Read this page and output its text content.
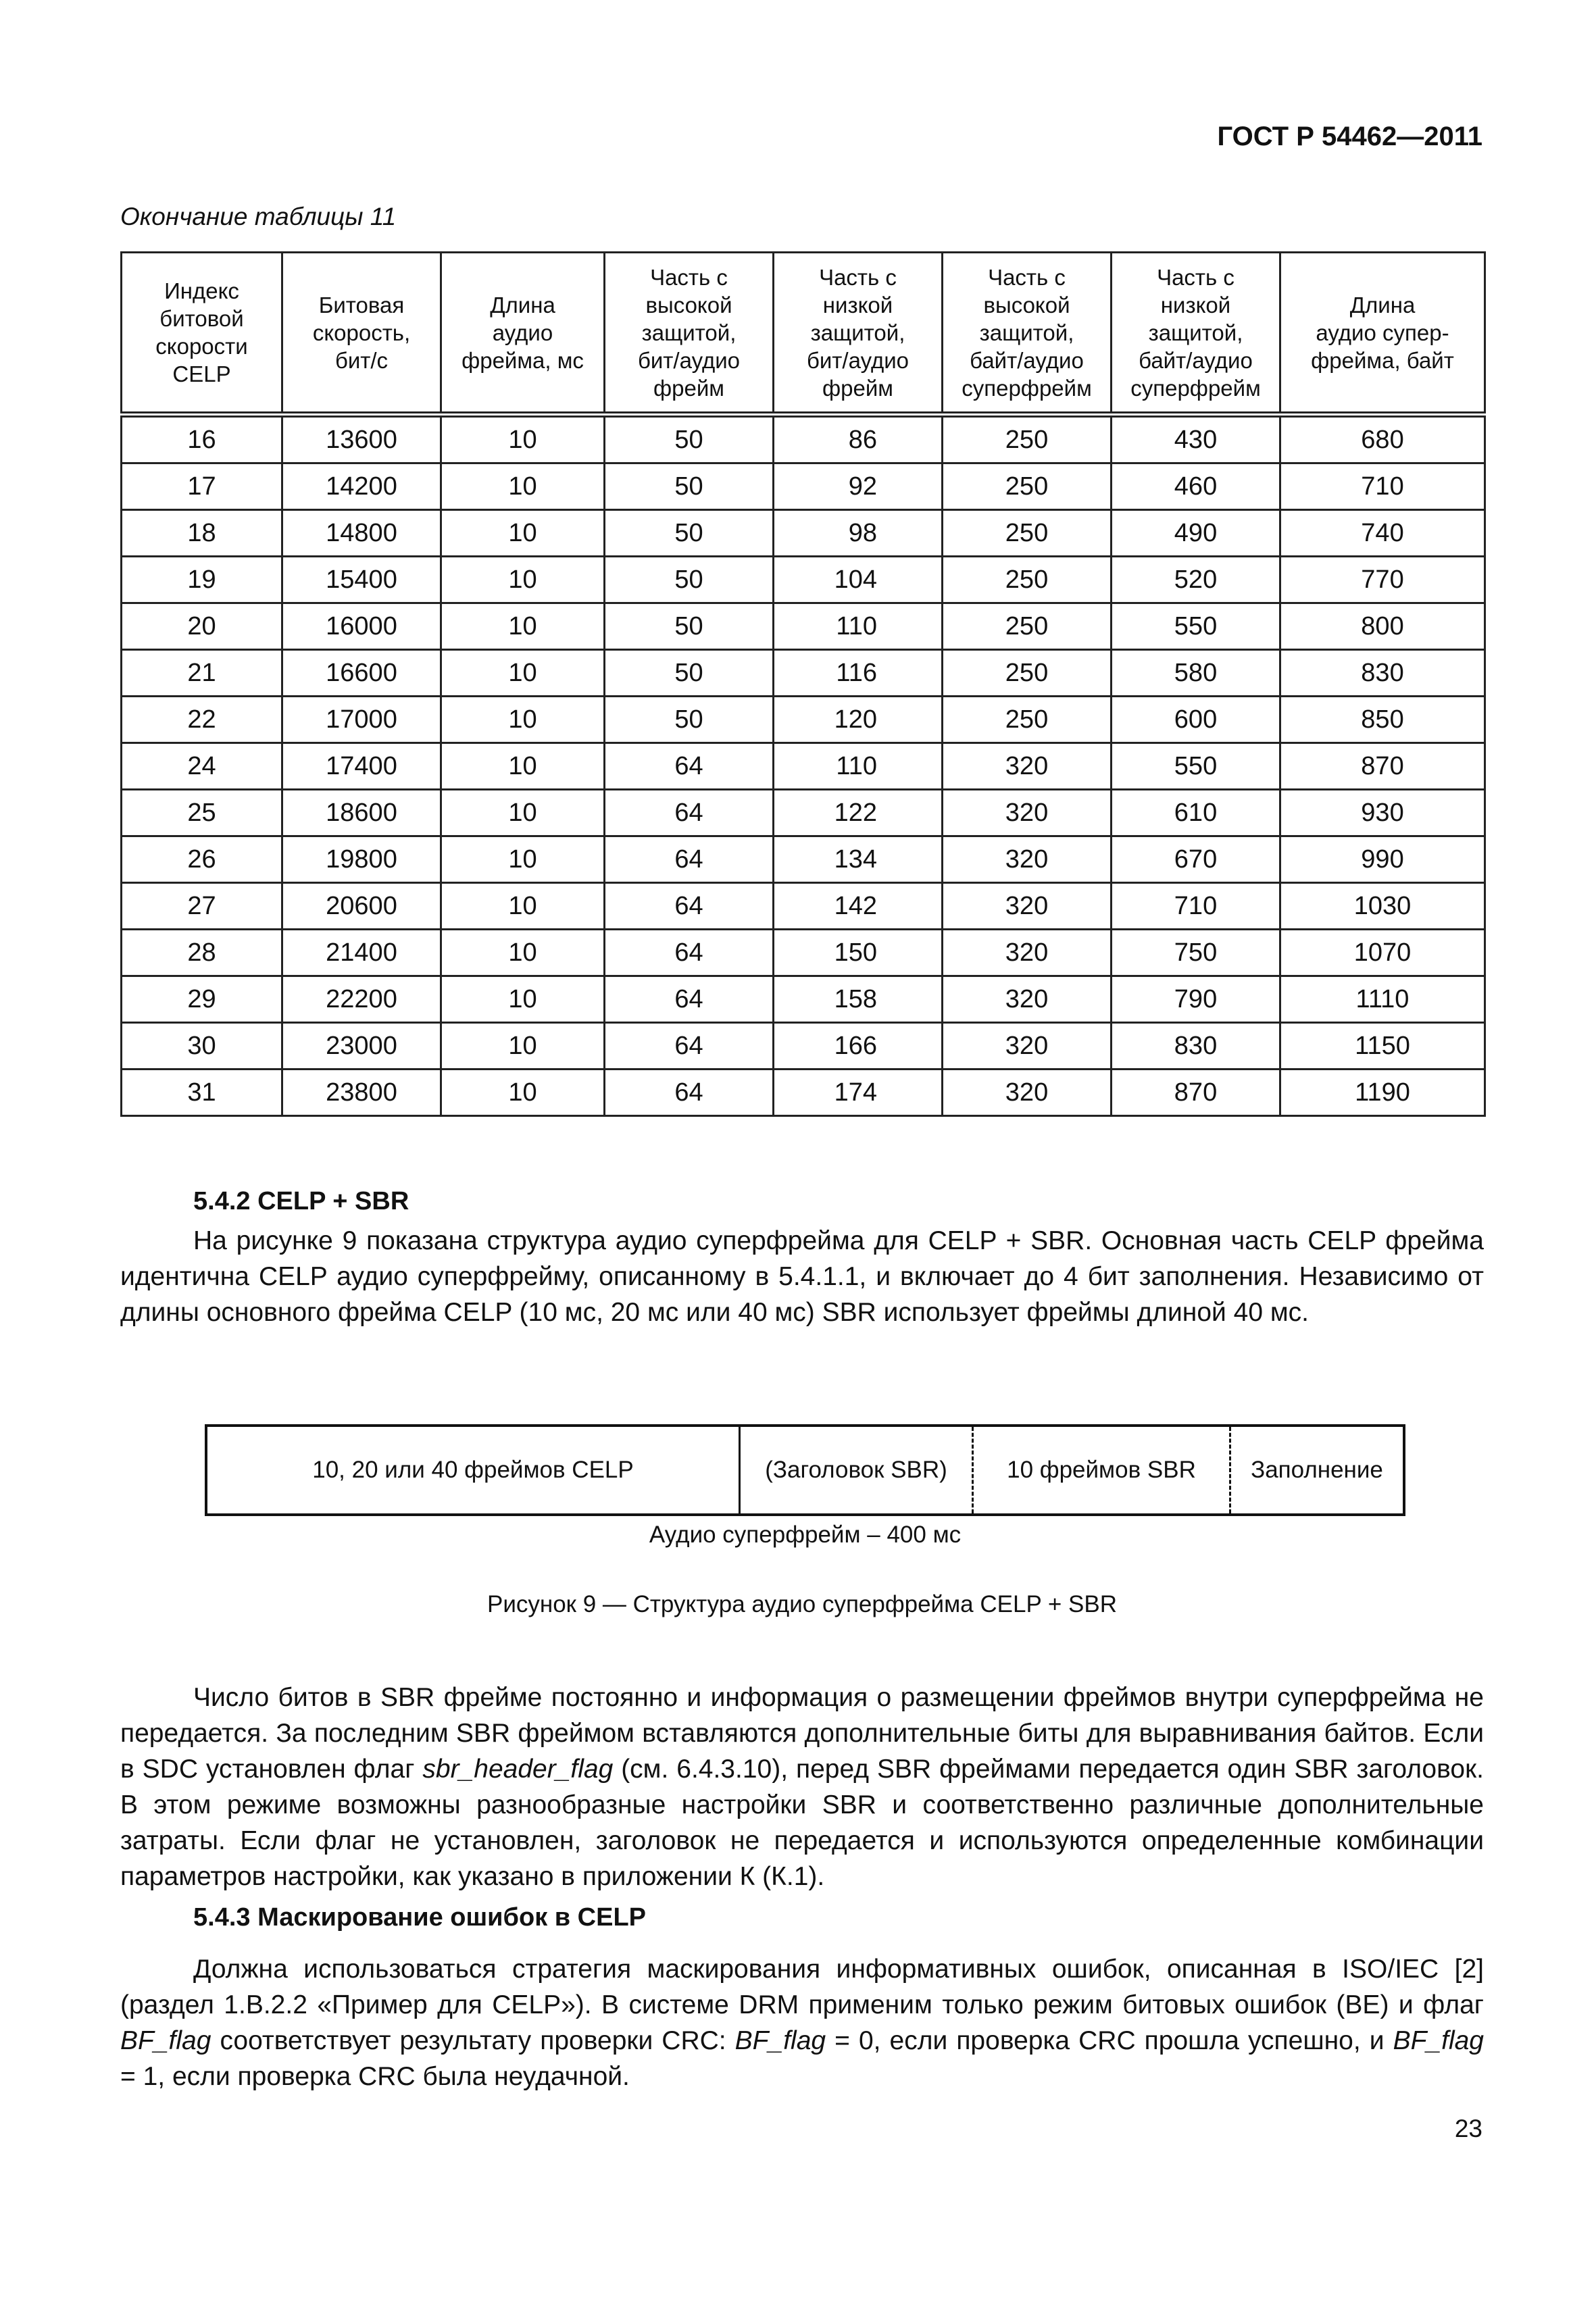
ГОСТ Р 54462—2011
Окончание таблицы 11
Индекс
битовой
скорости
CELP	Битовая
скорость,
бит/с	Длина
аудио
фрейма, мс	Часть с
высокой
защитой,
бит/аудио
фрейм	Часть с
низкой
защитой,
бит/аудио
фрейм	Часть с
высокой
защитой,
байт/аудио
суперфрейм	Часть с
низкой
защитой,
байт/аудио
суперфрейм	Длина
аудио супер-
фрейма, байт
16	13600	10	50	86	250	430	680
17	14200	10	50	92	250	460	710
18	14800	10	50	98	250	490	740
19	15400	10	50	104	250	520	770
20	16000	10	50	110	250	550	800
21	16600	10	50	116	250	580	830
22	17000	10	50	120	250	600	850
24	17400	10	64	110	320	550	870
25	18600	10	64	122	320	610	930
26	19800	10	64	134	320	670	990
27	20600	10	64	142	320	710	1030
28	21400	10	64	150	320	750	1070
29	22200	10	64	158	320	790	1110
30	23000	10	64	166	320	830	1150
31	23800	10	64	174	320	870	1190
5.4.2 CELP + SBR

На рисунке 9 показана структура аудио суперфрейма для CELP + SBR. Основная часть CELP фрейма идентична CELP аудио суперфрейму, описанному в 5.4.1.1, и включает до 4 бит заполнения. Независимо от длины основного фрейма CELP (10 мс, 20 мс или 40 мс) SBR использует фреймы длиной 40 мс.

10, 20 или 40 фреймов CELP	(Заголовок SBR)	10 фреймов SBR	Заполнение
Аудио суперфрейм – 400 мс
Рисунок 9 — Структура аудио суперфрейма CELP + SBR

Число битов в SBR фрейме постоянно и информация о размещении фреймов внутри суперфрейма не передается. За последним SBR фреймом вставляются дополнительные биты для выравнивания байтов. Если в SDC установлен флаг sbr_header_flag (см. 6.4.3.10), перед SBR фреймами передается один SBR заголовок. В этом режиме возможны разнообразные настройки SBR и соответственно различные дополнительные затраты. Если флаг не установлен, заголовок не передается и используются определенные комбинации параметров настройки, как указано в приложении К (К.1).

5.4.3 Маскирование ошибок в CELP

Должна использоваться стратегия маскирования информативных ошибок, описанная в ISO/IEC [2] (раздел 1.В.2.2 «Пример для CELP»). В системе DRM применим только режим битовых ошибок (BE) и флаг BF_flag соответствует результату проверки CRC: BF_flag = 0, если проверка CRC прошла успешно, и BF_flag = 1, если проверка CRC была неудачной.

23
